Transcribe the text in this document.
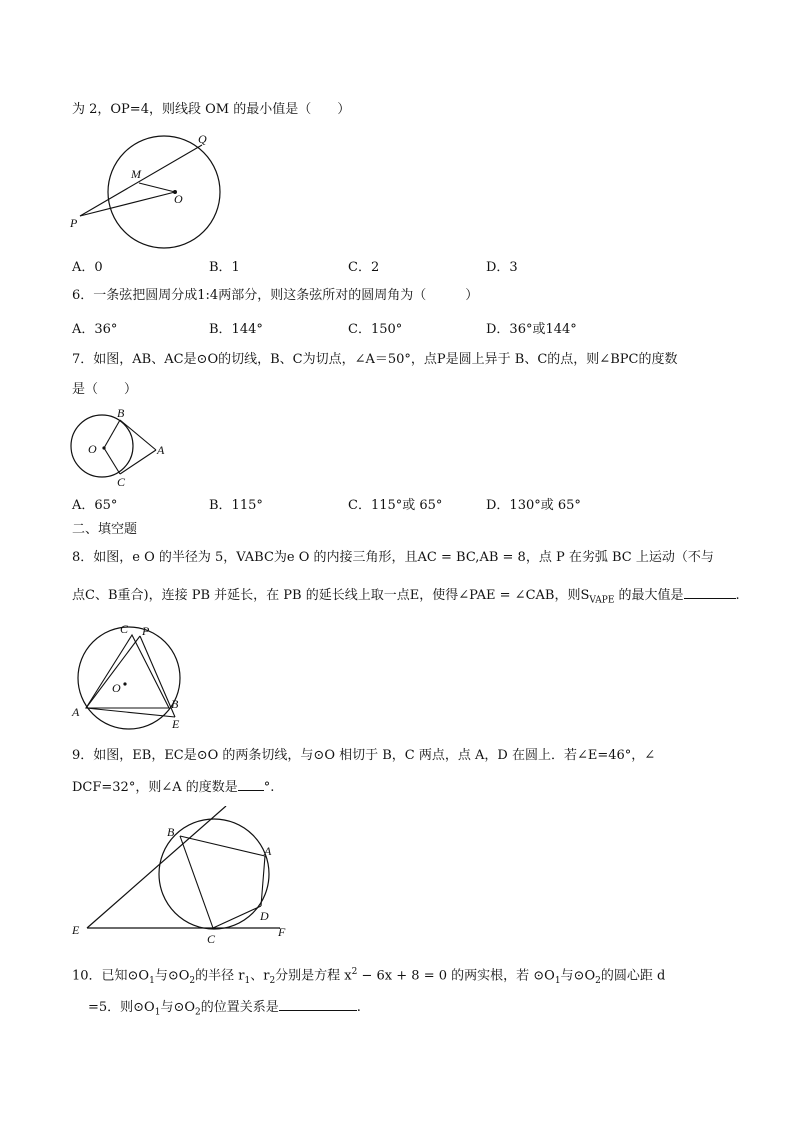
为 2，OP=4，则线段 OM 的最小值是（　　）
Q
M
O
P
A．0	B．1	C．2	D．3
6．一条弦把圆周分成1:4两部分，则这条弦所对的圆周角为（　　　）
A．36°	B．144°	C．150°	D．36°或144°
7．如图，AB、AC是⊙O的切线，B、C为切点，∠A＝50°，点P是圆上异于 B、C的点，则∠BPC的度数
是（　　）
B
O	A
C
A．65°	B．115°	C．115°或 65°	D．130°或 65°
二、填空题
8．如图，e O 的半径为 5，VABC为e O 的内接三角形，且AC = BC,AB = 8，点 P 在劣弧 BC 上运动（不与
点C、B重合)，连接 PB 并延长，在 PB 的延长线上取一点E，使得∠PAE = ∠CAB，则$S_{VAPE}$ 的最大值是	.
C P
O
A
B
E
9．如图，EB，EC是⊙O 的两条切线，与⊙O 相切于 B，C 两点，点 A，D 在圆上．若∠E=46°，∠
DCF=32°，则∠A 的度数是 °.
B
A
D
E
C	F
10．已知$⊙O_1$与$⊙O_2$的半径 $r_1$、$r_2$分别是方程 $x^2 - 6x + 8 = 0$ 的两实根，若 $⊙O_1$与$⊙O_2$的圆心距 d
=5．则$⊙O_1$与$⊙O_2$的位置关系是	.
